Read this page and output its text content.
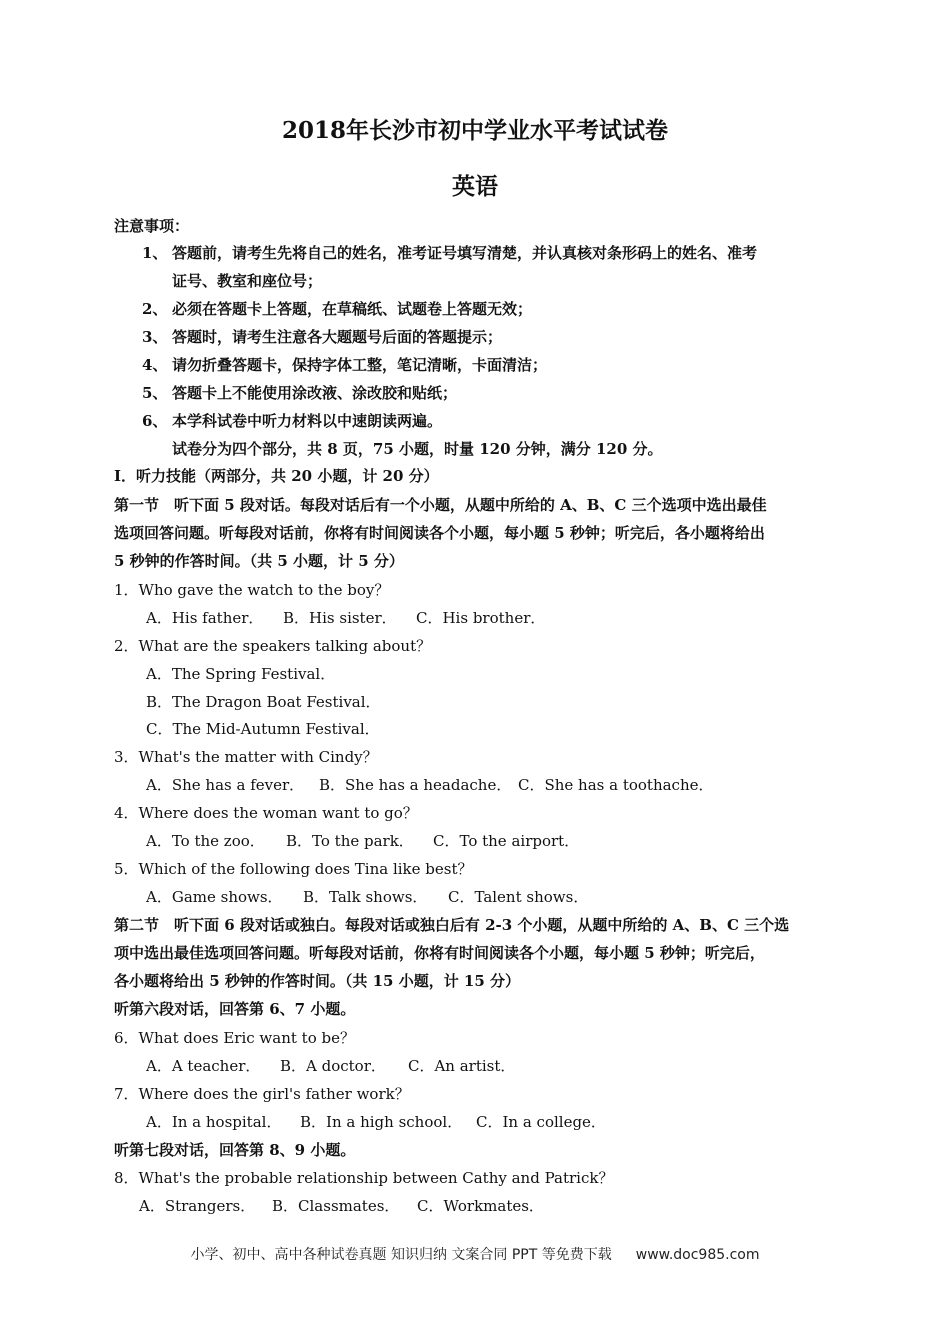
2018年长沙市初中学业水平考试试卷
英语
注意事项：
1、 答题前，请考生先将自己的姓名，准考证号填写清楚，并认真核对条形码上的姓名、准考
证号、教室和座位号；
2、 必须在答题卡上答题，在草稿纸、试题卷上答题无效；
3、 答题时，请考生注意各大题题号后面的答题提示；
4、 请勿折叠答题卡，保持字体工整，笔记清晰，卡面清洁；
5、 答题卡上不能使用涂改液、涂改胶和贴纸；
6、 本学科试卷中听力材料以中速朗读两遍。
试卷分为四个部分，共 8 页，75 小题，时量 120 分钟，满分 120 分。
Ⅰ．听力技能（两部分，共 20 小题，计 20 分）
第一节　听下面 5 段对话。每段对话后有一个小题，从题中所给的 A、B、C 三个选项中选出最佳
选项回答问题。听每段对话前，你将有时间阅读各个小题，每小题 5 秒钟；听完后，各小题将给出
5 秒钟的作答时间。（共 5 小题，计 5 分）
1．Who gave the watch to the boy？
A．His father． B．His sister． C．His brother．
2．What are the speakers talking about？
A．The Spring Festival．
B．The Dragon Boat Festival．
C．The Mid-Autumn Festival．
3．What's the matter with Cindy？
A．She has a fever． B．She has a headache． C．She has a toothache．
4．Where does the woman want to go？
A．To the zoo． B．To the park． C．To the airport．
5．Which of the following does Tina like best？
A．Game shows． B．Talk shows． C．Talent shows．
第二节　听下面 6 段对话或独白。每段对话或独白后有 2-3 个小题，从题中所给的 A、B、C 三个选
项中选出最佳选项回答问题。听每段对话前，你将有时间阅读各个小题，每小题 5 秒钟；听完后，
各小题将给出 5 秒钟的作答时间。（共 15 小题，计 15 分）
听第六段对话，回答第 6、7 小题。
6．What does Eric want to be？
A．A teacher． B．A doctor． C．An artist．
7．Where does the girl's father work？
A．In a hospital． B．In a high school． C．In a college．
听第七段对话，回答第 8、9 小题。
8．What's the probable relationship between Cathy and Patrick？
A．Strangers． B．Classmates． C．Workmates．
小学、初中、高中各种试卷真题 知识归纳 文案合同 PPT 等免费下载 www.doc985.com
